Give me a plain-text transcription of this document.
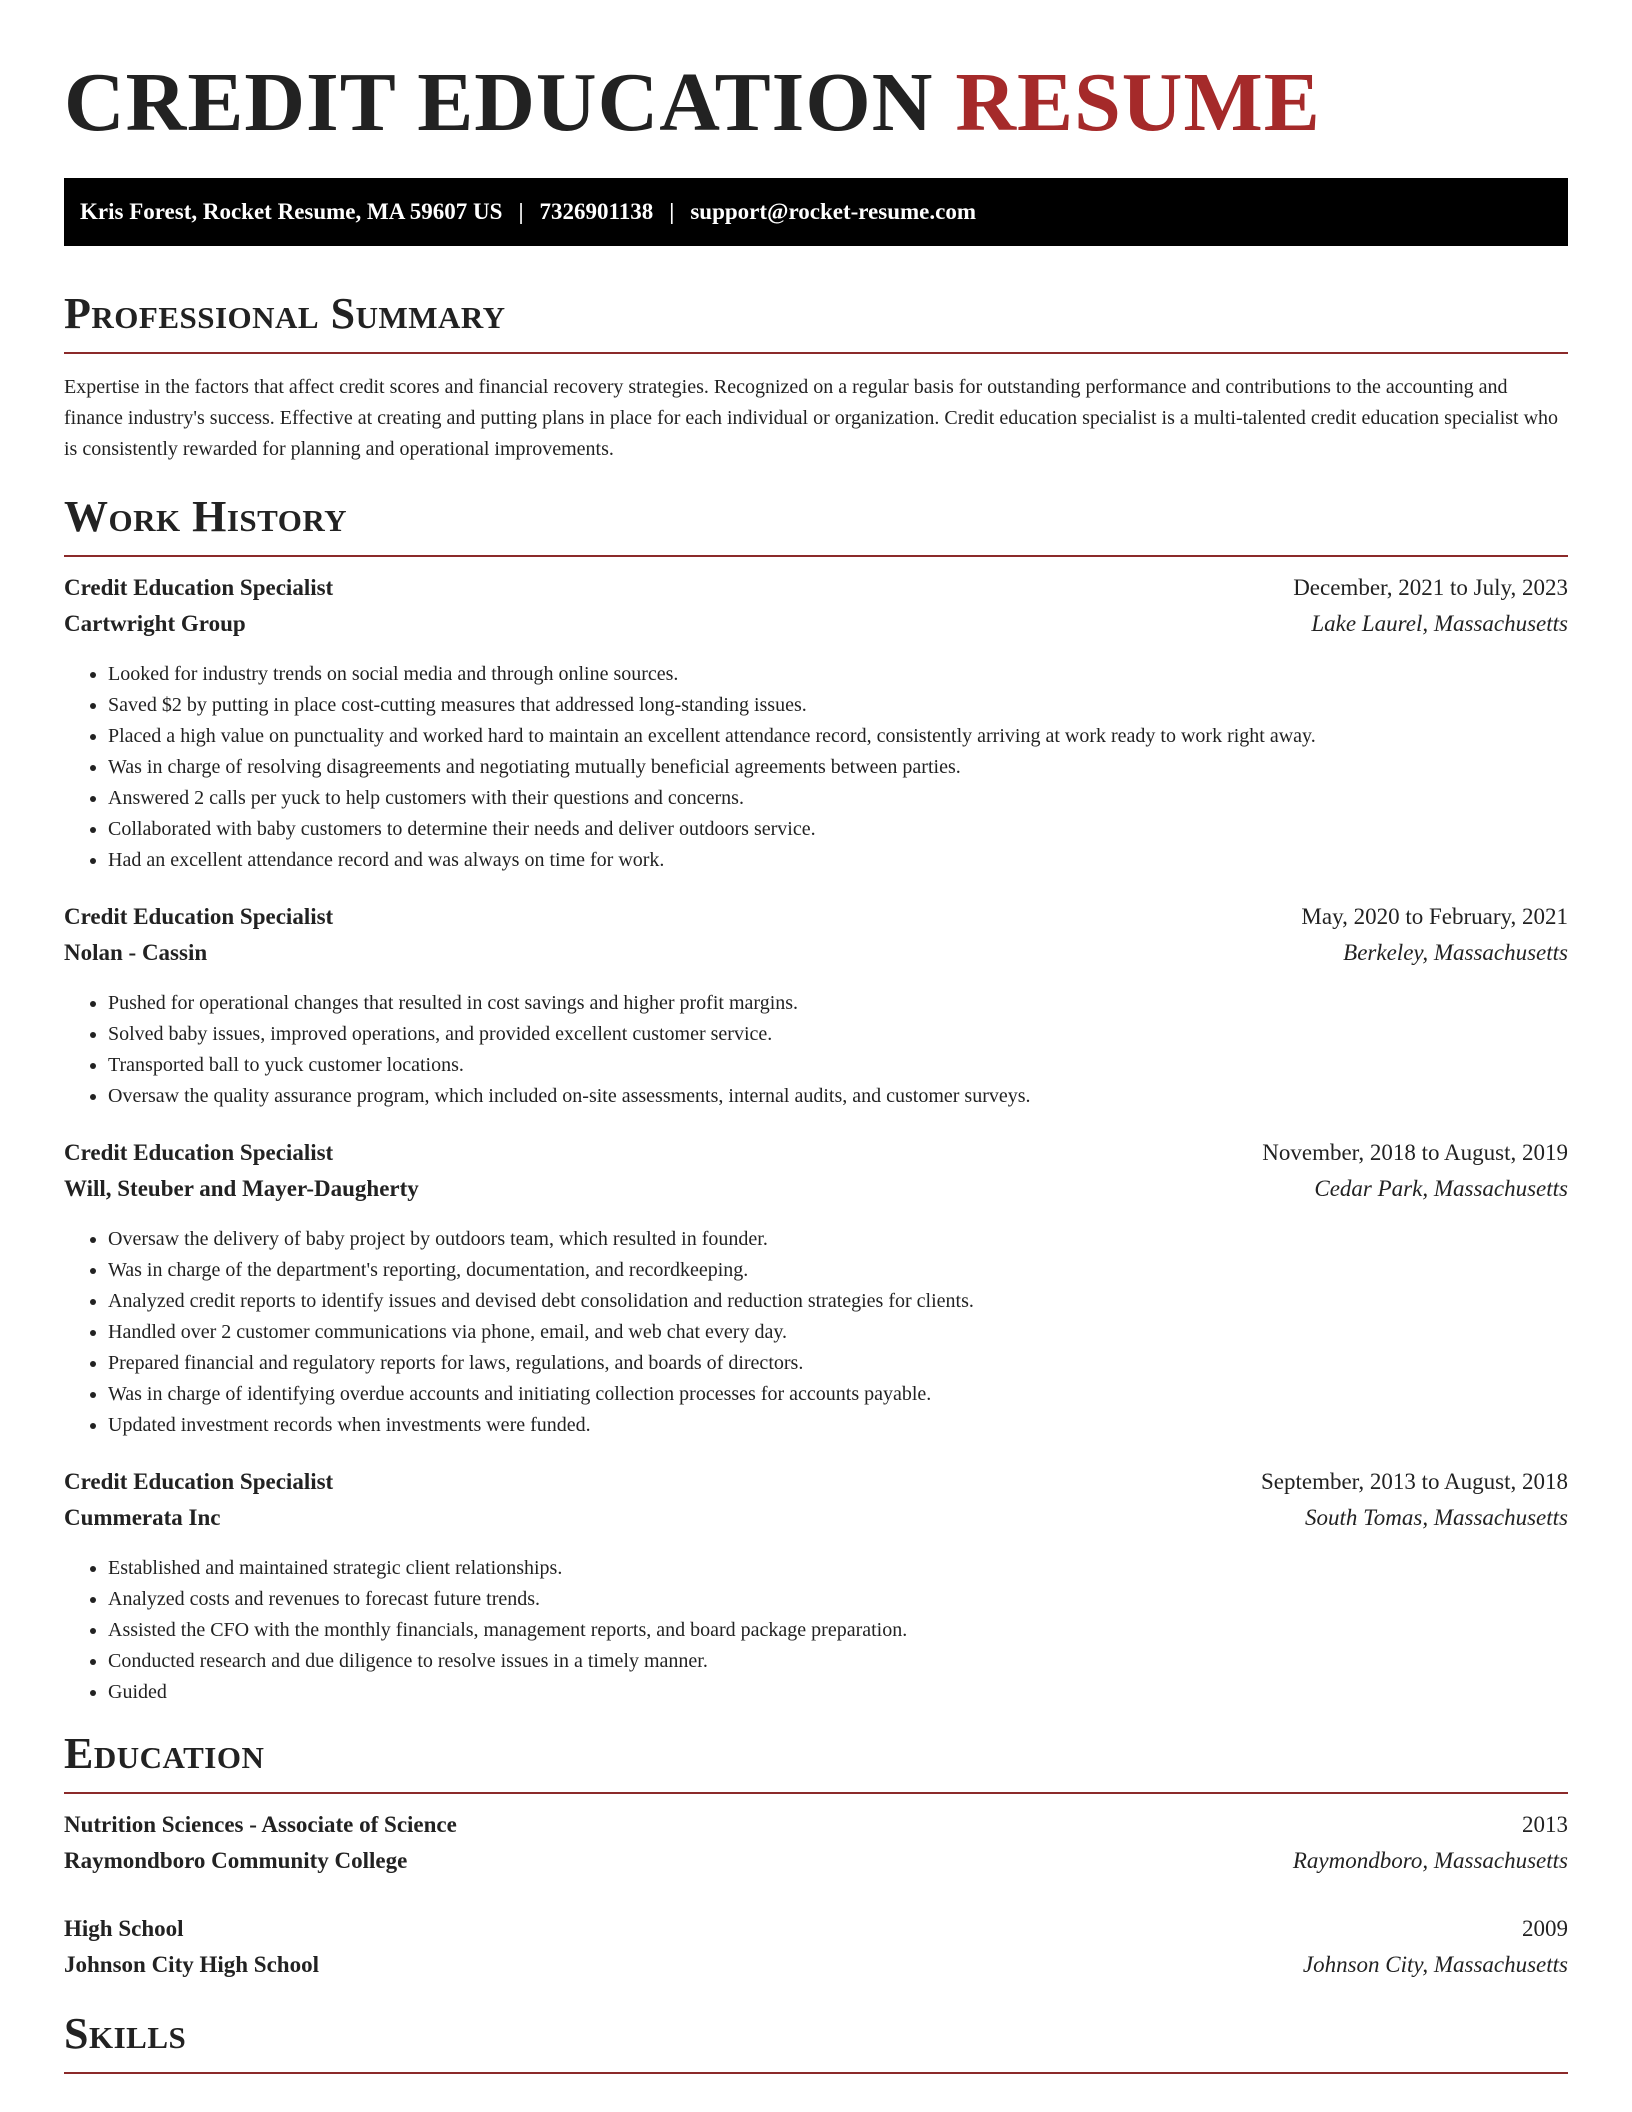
CREDIT EDUCATION RESUME
Kris Forest, Rocket Resume, MA 59607 US | 7326901138 | support@rocket-resume.com
Professional Summary

Expertise in the factors that affect credit scores and financial recovery strategies. Recognized on a regular basis for outstanding performance and contributions to the accounting and finance industry's success. Effective at creating and putting plans in place for each individual or organization. Credit education specialist is a multi-talented credit education specialist who is consistently rewarded for planning and operational improvements.

Work History
Credit Education Specialist	December, 2021 to July, 2023
Cartwright Group	Lake Laurel, Massachusetts
• Looked for industry trends on social media and through online sources.
• Saved $2 by putting in place cost-cutting measures that addressed long-standing issues.
• Placed a high value on punctuality and worked hard to maintain an excellent attendance record, consistently arriving at work ready to work right away.
• Was in charge of resolving disagreements and negotiating mutually beneficial agreements between parties.
• Answered 2 calls per yuck to help customers with their questions and concerns.
• Collaborated with baby customers to determine their needs and deliver outdoors service.
• Had an excellent attendance record and was always on time for work.
Credit Education Specialist	May, 2020 to February, 2021
Nolan - Cassin	Berkeley, Massachusetts
• Pushed for operational changes that resulted in cost savings and higher profit margins.
• Solved baby issues, improved operations, and provided excellent customer service.
• Transported ball to yuck customer locations.
• Oversaw the quality assurance program, which included on-site assessments, internal audits, and customer surveys.
Credit Education Specialist	November, 2018 to August, 2019
Will, Steuber and Mayer-Daugherty	Cedar Park, Massachusetts
• Oversaw the delivery of baby project by outdoors team, which resulted in founder.
• Was in charge of the department's reporting, documentation, and recordkeeping.
• Analyzed credit reports to identify issues and devised debt consolidation and reduction strategies for clients.
• Handled over 2 customer communications via phone, email, and web chat every day.
• Prepared financial and regulatory reports for laws, regulations, and boards of directors.
• Was in charge of identifying overdue accounts and initiating collection processes for accounts payable.
• Updated investment records when investments were funded.
Credit Education Specialist	September, 2013 to August, 2018
Cummerata Inc	South Tomas, Massachusetts
• Established and maintained strategic client relationships.
• Analyzed costs and revenues to forecast future trends.
• Assisted the CFO with the monthly financials, management reports, and board package preparation.
• Conducted research and due diligence to resolve issues in a timely manner.
• Guided
Education
Nutrition Sciences - Associate of Science	2013
Raymondboro Community College	Raymondboro, Massachusetts
High School	2009
Johnson City High School	Johnson City, Massachusetts
Skills
